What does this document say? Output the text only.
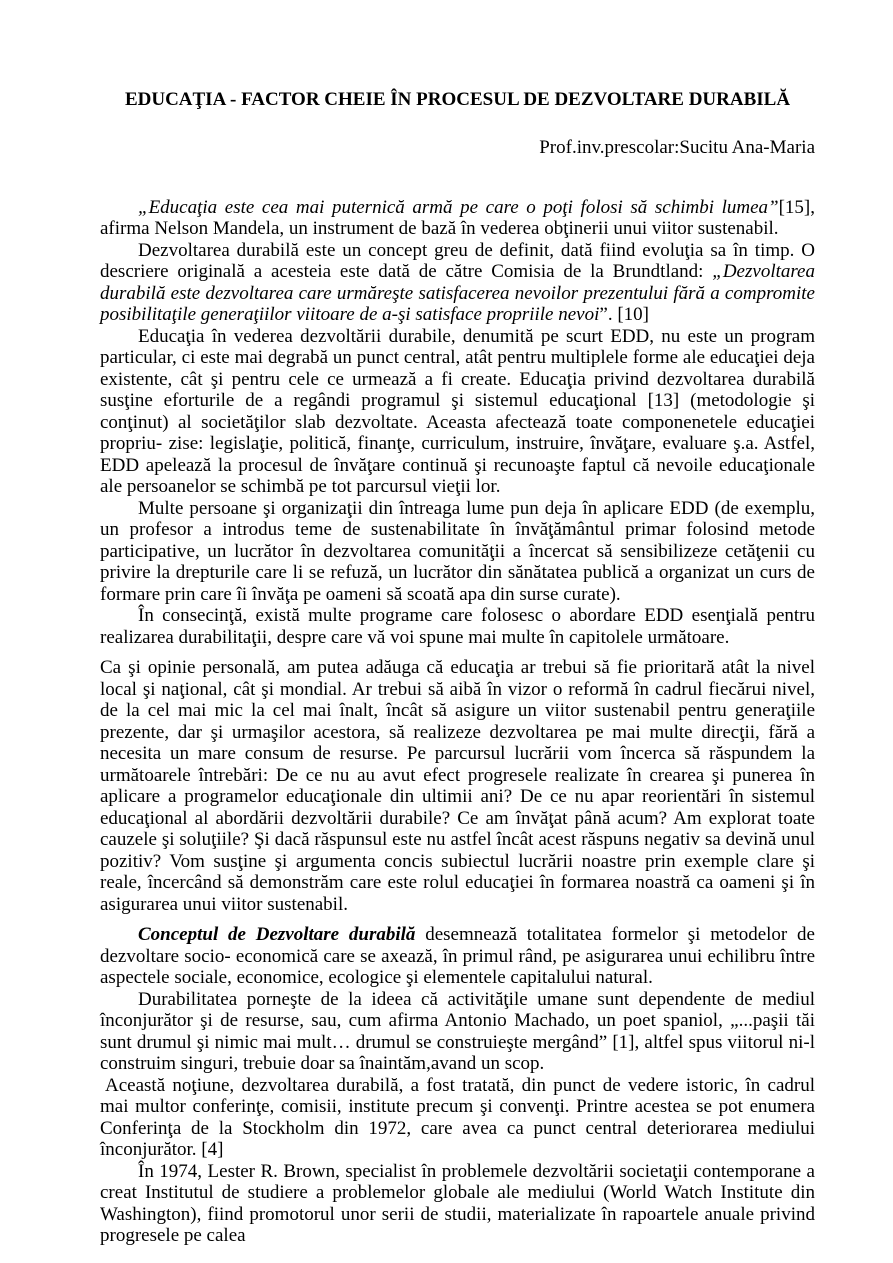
EDUCAŢIA - FACTOR CHEIE ÎN PROCESUL DE DEZVOLTARE DURABILĂ
Prof.inv.prescolar:Sucitu Ana-Maria

„Educaţia este cea mai puternică armă pe care o poţi folosi să schimbi lumea”[15], afirma Nelson Mandela, un instrument de bază în vederea obţinerii unui viitor sustenabil.

Dezvoltarea durabilă este un concept greu de definit, dată fiind evoluţia sa în timp. O descriere originală a acesteia este dată de către Comisia de la Brundtland: „Dezvoltarea durabilă este dezvoltarea care urmăreşte satisfacerea nevoilor prezentului fără a compromite posibilitaţile generaţiilor viitoare de a-şi satisface propriile nevoi”. [10]

Educaţia în vederea dezvoltării durabile, denumită pe scurt EDD, nu este un program particular, ci este mai degrabă un punct central, atât pentru multiplele forme ale educaţiei deja existente, cât şi pentru cele ce urmează a fi create. Educaţia privind dezvoltarea durabilă susţine eforturile de a regândi programul şi sistemul educaţional [13] (metodologie şi conţinut) al societăţilor slab dezvoltate. Aceasta afectează toate componenetele educaţiei propriu- zise: legislaţie, politică, finanţe, curriculum, instruire, învăţare, evaluare ş.a. Astfel, EDD apelează la procesul de învăţare continuă şi recunoaşte faptul că nevoile educaţionale ale persoanelor se schimbă pe tot parcursul vieţii lor.

Multe persoane şi organizaţii din întreaga lume pun deja în aplicare EDD (de exemplu, un profesor a introdus teme de sustenabilitate în învăţământul primar folosind metode participative, un lucrător în dezvoltarea comunităţii a încercat să sensibilizeze cetăţenii cu privire la drepturile care li se refuză, un lucrător din sănătatea publică a organizat un curs de formare prin care îi învăţa pe oameni să scoată apa din surse curate).

În consecinţă, există multe programe care folosesc o abordare EDD esenţială pentru realizarea durabilitaţii, despre care vă voi spune mai multe în capitolele următoare.

Ca şi opinie personală, am putea adăuga că educaţia ar trebui să fie prioritară atât la nivel local şi naţional, cât şi mondial. Ar trebui să aibă în vizor o reformă în cadrul fiecărui nivel, de la cel mai mic la cel mai înalt, încât să asigure un viitor sustenabil pentru generaţiile prezente, dar şi urmaşilor acestora, să realizeze dezvoltarea pe mai multe direcţii, fără a necesita un mare consum de resurse. Pe parcursul lucrării vom încerca să răspundem la următoarele întrebări: De ce nu au avut efect progresele realizate în crearea şi punerea în aplicare a programelor educaţionale din ultimii ani? De ce nu apar reorientări în sistemul educaţional al abordării dezvoltării durabile? Ce am învăţat până acum? Am explorat toate cauzele şi soluţiile? Şi dacă răspunsul este nu astfel încât acest răspuns negativ sa devină unul pozitiv? Vom susţine şi argumenta concis subiectul lucrării noastre prin exemple clare şi reale, încercând să demonstrăm care este rolul educaţiei în formarea noastră ca oameni şi în asigurarea unui viitor sustenabil.

Conceptul de Dezvoltare durabilă desemnează totalitatea formelor şi metodelor de dezvoltare socio- economică care se axează, în primul rând, pe asigurarea unui echilibru între aspectele sociale, economice, ecologice şi elementele capitalului natural.

Durabilitatea porneşte de la ideea că activităţile umane sunt dependente de mediul înconjurător şi de resurse, sau, cum afirma Antonio Machado, un poet spaniol, „...paşii tăi sunt drumul şi nimic mai mult… drumul se construieşte mergând” [1], altfel spus viitorul ni-l construim singuri, trebuie doar sa înaintăm,avand un scop.

Această noţiune, dezvoltarea durabilă, a fost tratată, din punct de vedere istoric, în cadrul mai multor conferinţe, comisii, institute precum şi convenţi. Printre acestea se pot enumera Conferinţa de la Stockholm din 1972, care avea ca punct central deteriorarea mediului înconjurător. [4]

În 1974, Lester R. Brown, specialist în problemele dezvoltării societaţii contemporane a creat Institutul de studiere a problemelor globale ale mediului (World Watch Institute din Washington), fiind promotorul unor serii de studii, materializate în rapoartele anuale privind progresele pe calea
